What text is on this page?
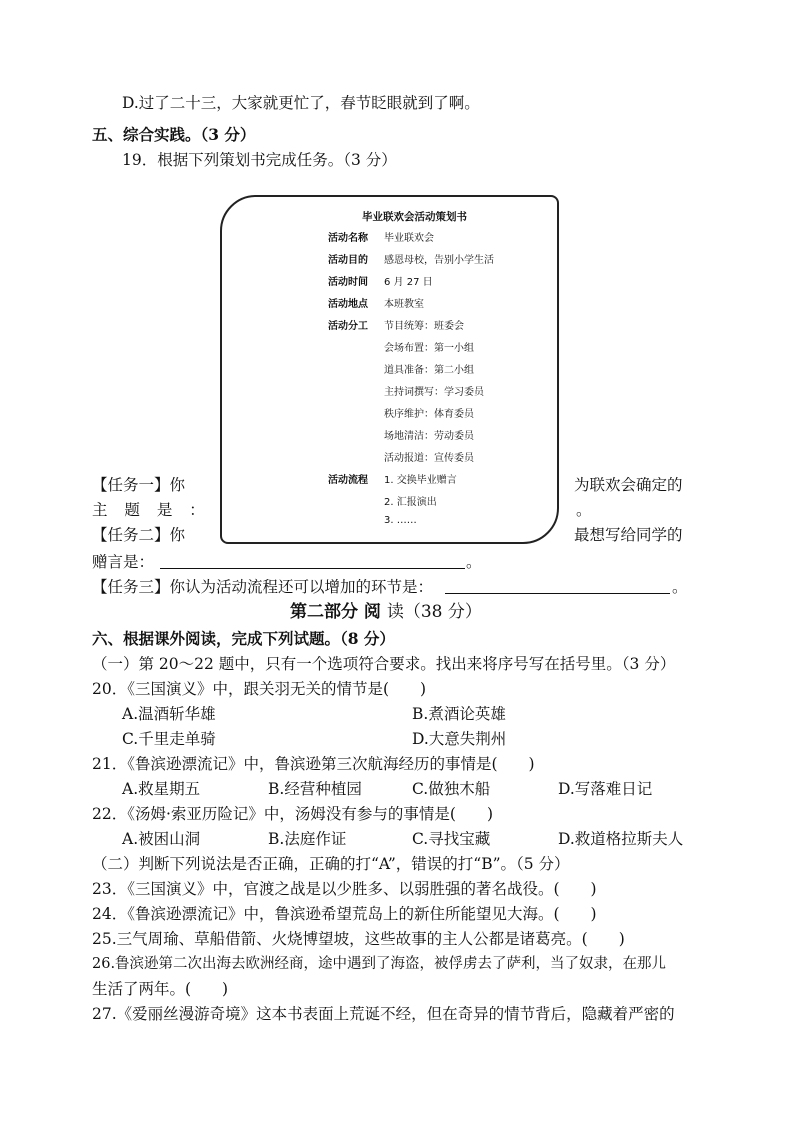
D.过了二十三，大家就更忙了，春节眨眼就到了啊。
五、综合实践。（3 分）
19．根据下列策划书完成任务。（3 分）
毕业联欢会活动策划书
活动名称 毕业联欢会
活动目的 感恩母校，告别小学生活
活动时间 6 月 27 日
活动地点 本班教室
活动分工 节目统筹：班委会
会场布置：第一小组
道具准备：第二小组
主持词撰写：学习委员
秩序维护：体育委员
场地清洁：劳动委员
活动报道：宣传委员
活动流程 1. 交换毕业赠言
2. 汇报演出
3. ……
【任务一】你	为联欢会确定的
主 题 是 ：	。
【任务二】你	最想写给同学的
赠言是：	。
【任务三】你认为活动流程还可以增加的环节是：	。
第二部分 阅 读（38 分）
六、根据课外阅读，完成下列试题。（8 分）
（一）第 20～22 题中，只有一个选项符合要求。找出来将序号写在括号里。（3 分）
20．《三国演义》中，跟关羽无关的情节是(　　)
A.温酒斩华雄	B.煮酒论英雄
C.千里走单骑	D.大意失荆州
21．《鲁滨逊漂流记》中，鲁滨逊第三次航海经历的事情是(　　)
A.救星期五	B.经营种植园	C.做独木船	D.写落难日记
22．《汤姆·索亚历险记》中，汤姆没有参与的事情是(　　)
A.被困山洞	B.法庭作证	C.寻找宝藏	D.救道格拉斯夫人
（二）判断下列说法是否正确，正确的打“A”，错误的打“B”。（5 分）
23．《三国演义》中，官渡之战是以少胜多、以弱胜强的著名战役。(　　)
24．《鲁滨逊漂流记》中，鲁滨逊希望荒岛上的新住所能望见大海。(　　)
25.三气周瑜、草船借箭、火烧博望坡，这些故事的主人公都是诸葛亮。(　　)
26.鲁滨逊第二次出海去欧洲经商，途中遇到了海盗，被俘虏去了萨利，当了奴隶，在那儿
生活了两年。(　　)
27.《爱丽丝漫游奇境》这本书表面上荒诞不经，但在奇异的情节背后，隐藏着严密的
